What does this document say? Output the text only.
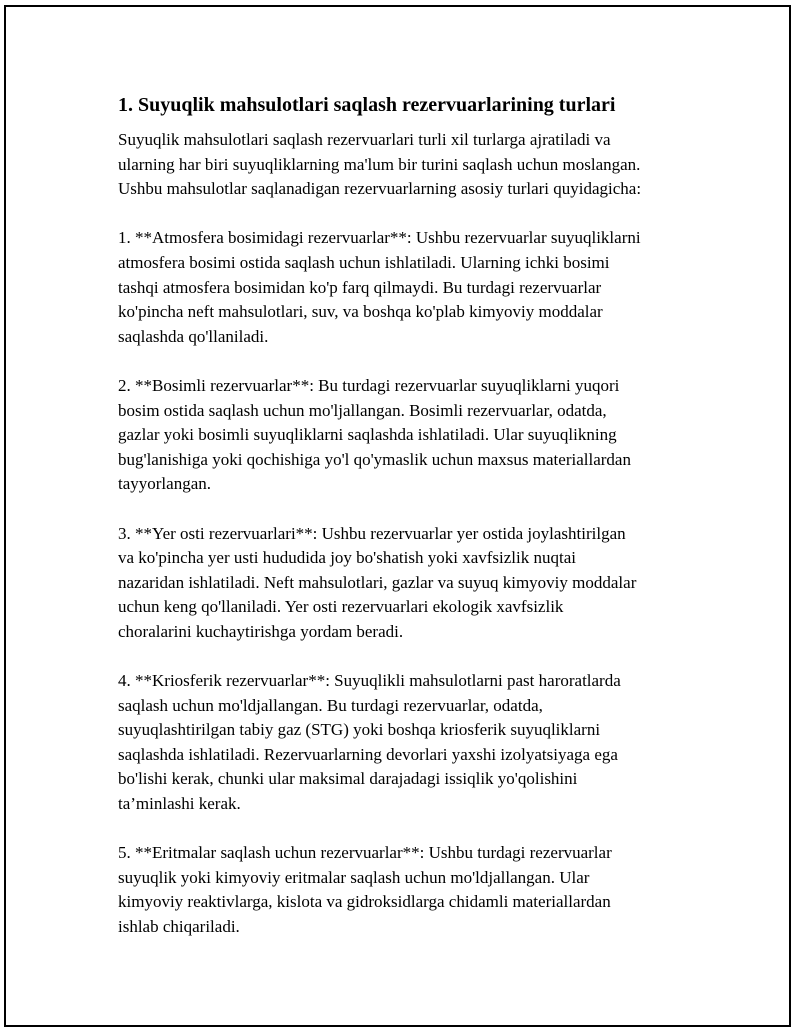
1. Suyuqlik mahsulotlari saqlash rezervuarlarining turlari

Suyuqlik mahsulotlari saqlash rezervuarlari turli xil turlarga ajratiladi va
ularning har biri suyuqliklarning ma'lum bir turini saqlash uchun moslangan.
Ushbu mahsulotlar saqlanadigan rezervuarlarning asosiy turlari quyidagicha:

1. **Atmosfera bosimidagi rezervuarlar**: Ushbu rezervuarlar suyuqliklarni
atmosfera bosimi ostida saqlash uchun ishlatiladi. Ularning ichki bosimi
tashqi atmosfera bosimidan ko'p farq qilmaydi. Bu turdagi rezervuarlar
ko'pincha neft mahsulotlari, suv, va boshqa ko'plab kimyoviy moddalar
saqlashda qo'llaniladi.

2. **Bosimli rezervuarlar**: Bu turdagi rezervuarlar suyuqliklarni yuqori
bosim ostida saqlash uchun mo'ljallangan. Bosimli rezervuarlar, odatda,
gazlar yoki bosimli suyuqliklarni saqlashda ishlatiladi. Ular suyuqlikning
bug'lanishiga yoki qochishiga yo'l qo'ymaslik uchun maxsus materiallardan
tayyorlangan.

3. **Yer osti rezervuarlari**: Ushbu rezervuarlar yer ostida joylashtirilgan
va ko'pincha yer usti hududida joy bo'shatish yoki xavfsizlik nuqtai
nazaridan ishlatiladi. Neft mahsulotlari, gazlar va suyuq kimyoviy moddalar
uchun keng qo'llaniladi. Yer osti rezervuarlari ekologik xavfsizlik
choralarini kuchaytirishga yordam beradi.

4. **Kriosferik rezervuarlar**: Suyuqlikli mahsulotlarni past haroratlarda
saqlash uchun mo'ldjallangan. Bu turdagi rezervuarlar, odatda,
suyuqlashtirilgan tabiy gaz (STG) yoki boshqa kriosferik suyuqliklarni
saqlashda ishlatiladi. Rezervuarlarning devorlari yaxshi izolyatsiyaga ega
bo'lishi kerak, chunki ular maksimal darajadagi issiqlik yo'qolishini
ta’minlashi kerak.

5. **Eritmalar saqlash uchun rezervuarlar**: Ushbu turdagi rezervuarlar
suyuqlik yoki kimyoviy eritmalar saqlash uchun mo'ldjallangan. Ular
kimyoviy reaktivlarga, kislota va gidroksidlarga chidamli materiallardan
ishlab chiqariladi.
